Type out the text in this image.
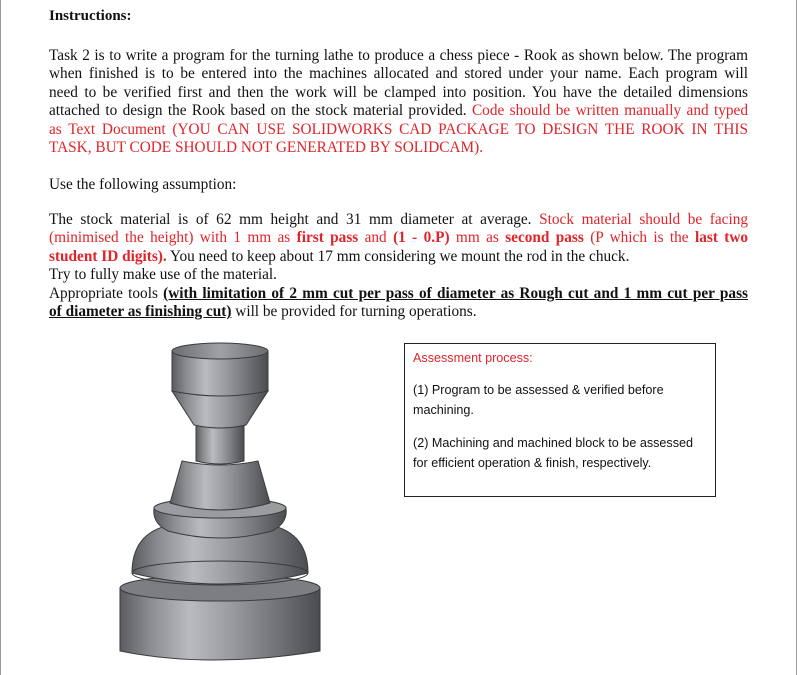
Instructions:
Task 2 is to write a program for the turning lathe to produce a chess piece - Rook as shown below. The program
when finished is to be entered into the machines allocated and stored under your name. Each program will
need to be verified first and then the work will be clamped into position. You have the detailed dimensions
attached to design the Rook based on the stock material provided. Code should be written manually and typed
as Text Document (YOU CAN USE SOLIDWORKS CAD PACKAGE TO DESIGN THE ROOK IN THIS
TASK, BUT CODE SHOULD NOT GENERATED BY SOLIDCAM).
Use the following assumption:
The stock material is of 62 mm height and 31 mm diameter at average. Stock material should be facing
(minimised the height) with 1 mm as first pass and (1 - 0.P) mm as second pass (P which is the last two
student ID digits). You need to keep about 17 mm considering we mount the rod in the chuck.
Try to fully make use of the material.
Appropriate tools (with limitation of 2 mm cut per pass of diameter as Rough cut and 1 mm cut per pass
of diameter as finishing cut) will be provided for turning operations.
Assessment process:
(1) Program to be assessed & verified before
machining.
(2) Machining and machined block to be assessed
for efficient operation & finish, respectively.
